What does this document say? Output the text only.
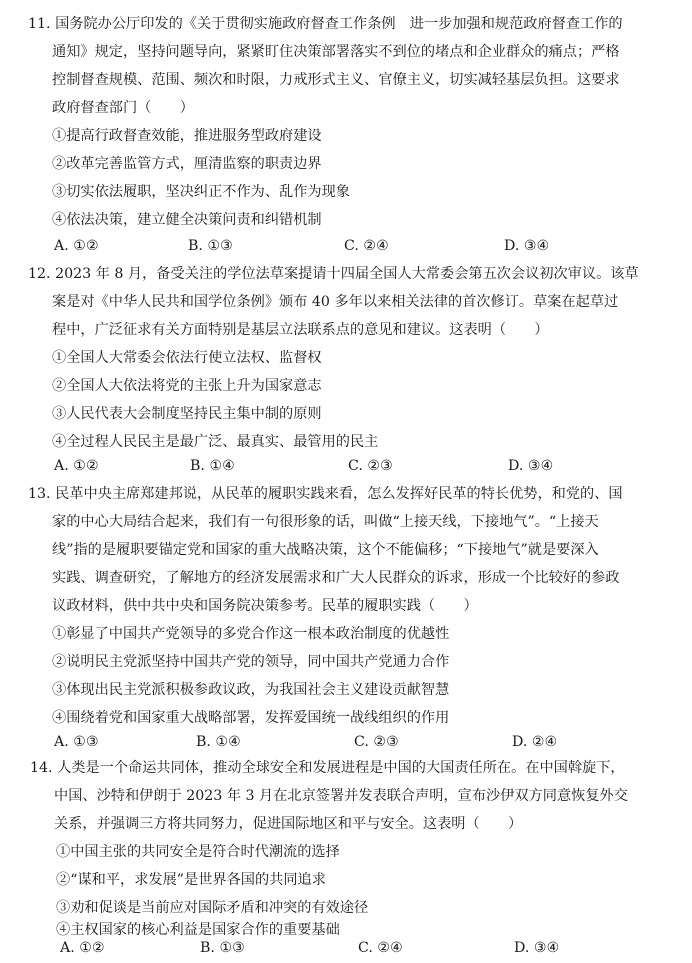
11. 国务院办公厅印发的《关于贯彻实施政府督查工作条例　进一步加强和规范政府督查工作的
通知》规定，坚持问题导向，紧紧盯住决策部署落实不到位的堵点和企业群众的痛点；严格
控制督查规模、范围、频次和时限，力戒形式主义、官僚主义，切实减轻基层负担。这要求
政府督查部门（　　）
①提高行政督查效能，推进服务型政府建设
②改革完善监管方式，厘清监察的职责边界
③切实依法履职，坚决纠正不作为、乱作为现象
④依法决策，建立健全决策问责和纠错机制
A. ①②	B. ①③	C. ②④	D. ③④
12. 2023 年 8 月，备受关注的学位法草案提请十四届全国人大常委会第五次会议初次审议。该草
案是对《中华人民共和国学位条例》颁布 40 多年以来相关法律的首次修订。草案在起草过
程中，广泛征求有关方面特别是基层立法联系点的意见和建议。这表明（　　）
①全国人大常委会依法行使立法权、监督权
②全国人大依法将党的主张上升为国家意志
③人民代表大会制度坚持民主集中制的原则
④全过程人民民主是最广泛、最真实、最管用的民主
A. ①②	B. ①④	C. ②③	D. ③④
13. 民革中央主席郑建邦说，从民革的履职实践来看，怎么发挥好民革的特长优势，和党的、国
家的中心大局结合起来，我们有一句很形象的话，叫做“上接天线，下接地气”。“上接天
线”指的是履职要锚定党和国家的重大战略决策，这个不能偏移；“下接地气”就是要深入
实践、调查研究，了解地方的经济发展需求和广大人民群众的诉求，形成一个比较好的参政
议政材料，供中共中央和国务院决策参考。民革的履职实践（　　）
①彰显了中国共产党领导的多党合作这一根本政治制度的优越性
②说明民主党派坚持中国共产党的领导，同中国共产党通力合作
③体现出民主党派积极参政议政，为我国社会主义建设贡献智慧
④围绕着党和国家重大战略部署，发挥爱国统一战线组织的作用
A. ①③	B. ①④	C. ②③	D. ②④
14. 人类是一个命运共同体，推动全球安全和发展进程是中国的大国责任所在。在中国斡旋下，
中国、沙特和伊朗于 2023 年 3 月在北京签署并发表联合声明，宣布沙伊双方同意恢复外交
关系，并强调三方将共同努力，促进国际地区和平与安全。这表明（　　）
①中国主张的共同安全是符合时代潮流的选择
②“谋和平，求发展”是世界各国的共同追求
③劝和促谈是当前应对国际矛盾和冲突的有效途径
④主权国家的核心利益是国家合作的重要基础
A. ①②	B. ①③	C. ②④	D. ③④
